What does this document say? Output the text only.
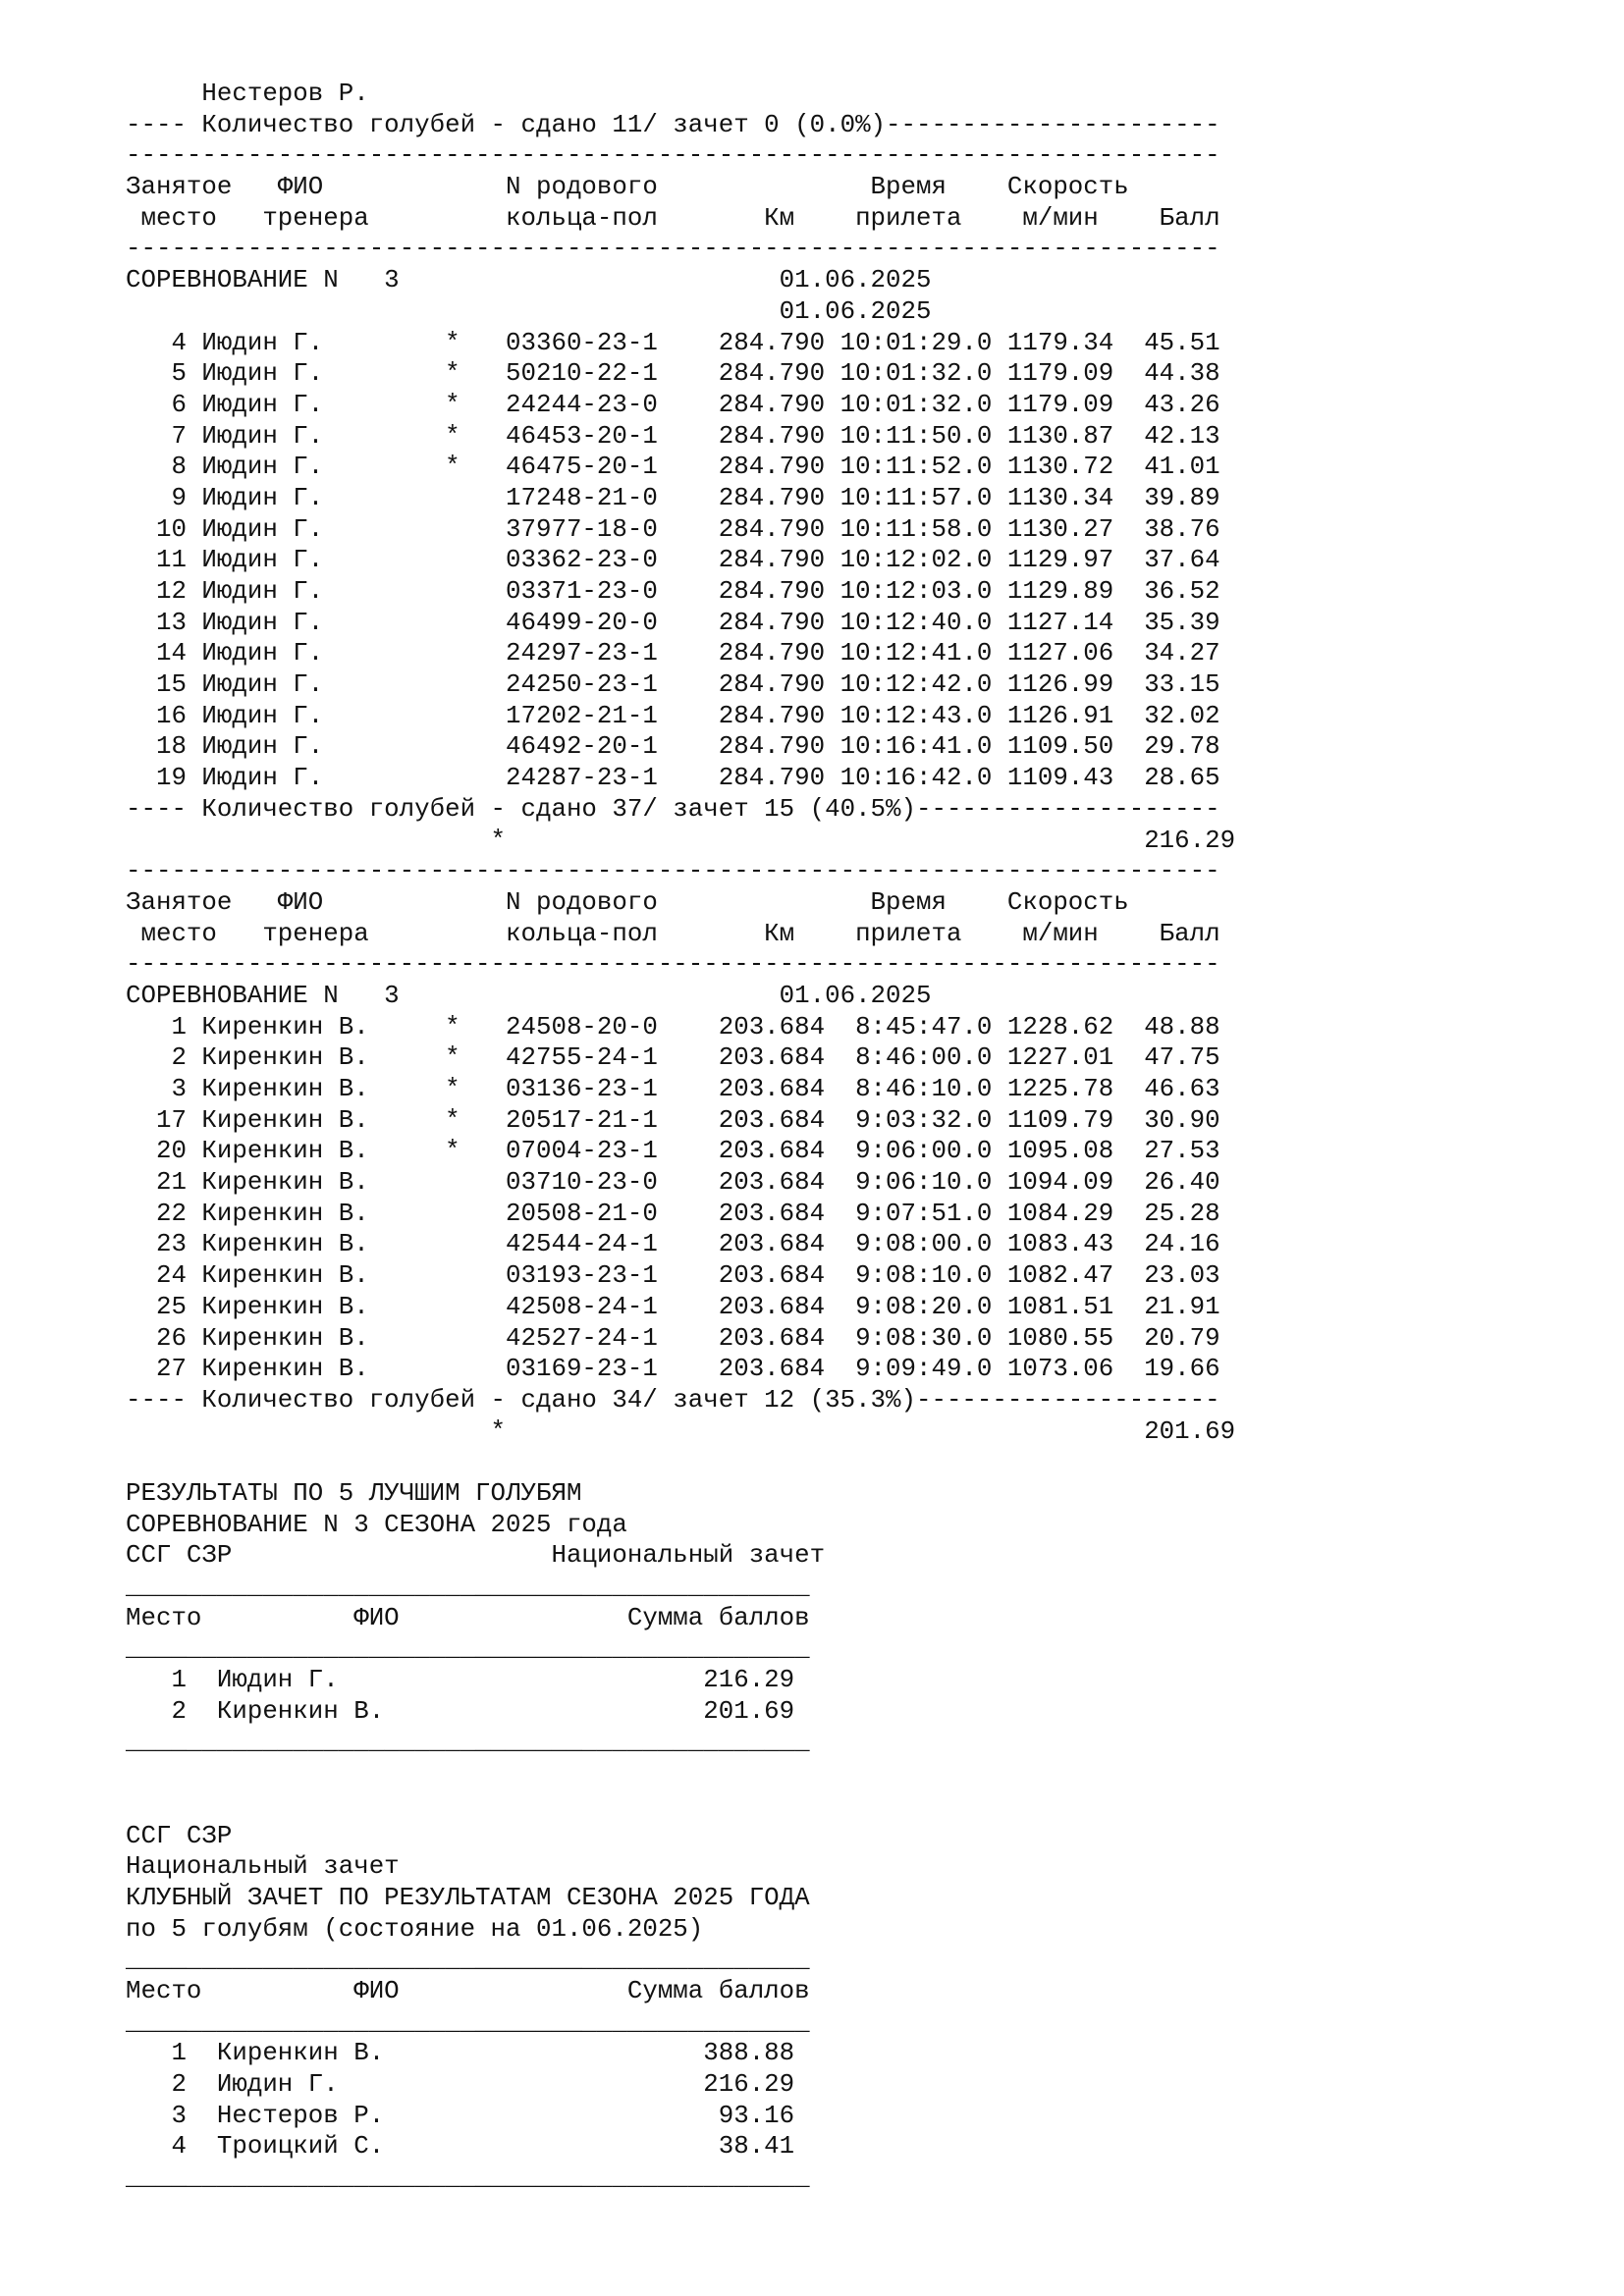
Нестеров Р.
---- Количество голубей - сдано 11/ зачет 0 (0.0%)----------------------
------------------------------------------------------------------------
Занятое   ФИО            N родового              Время    Скорость
место   тренера         кольца-пол       Км    прилета    м/мин    Балл
------------------------------------------------------------------------
СОРЕВНОВАНИЕ N   3                         01.06.2025
01.06.2025
4 Июдин Г.        *   03360-23-1    284.790 10:01:29.0 1179.34  45.51
5 Июдин Г.        *   50210-22-1    284.790 10:01:32.0 1179.09  44.38
6 Июдин Г.        *   24244-23-0    284.790 10:01:32.0 1179.09  43.26
7 Июдин Г.        *   46453-20-1    284.790 10:11:50.0 1130.87  42.13
8 Июдин Г.        *   46475-20-1    284.790 10:11:52.0 1130.72  41.01
9 Июдин Г.            17248-21-0    284.790 10:11:57.0 1130.34  39.89
10 Июдин Г.            37977-18-0    284.790 10:11:58.0 1130.27  38.76
11 Июдин Г.            03362-23-0    284.790 10:12:02.0 1129.97  37.64
12 Июдин Г.            03371-23-0    284.790 10:12:03.0 1129.89  36.52
13 Июдин Г.            46499-20-0    284.790 10:12:40.0 1127.14  35.39
14 Июдин Г.            24297-23-1    284.790 10:12:41.0 1127.06  34.27
15 Июдин Г.            24250-23-1    284.790 10:12:42.0 1126.99  33.15
16 Июдин Г.            17202-21-1    284.790 10:12:43.0 1126.91  32.02
18 Июдин Г.            46492-20-1    284.790 10:16:41.0 1109.50  29.78
19 Июдин Г.            24287-23-1    284.790 10:16:42.0 1109.43  28.65
---- Количество голубей - сдано 37/ зачет 15 (40.5%)--------------------
*                                          216.29
------------------------------------------------------------------------
Занятое   ФИО            N родового              Время    Скорость
место   тренера         кольца-пол       Км    прилета    м/мин    Балл
------------------------------------------------------------------------
СОРЕВНОВАНИЕ N   3                         01.06.2025
1 Киренкин В.     *   24508-20-0    203.684  8:45:47.0 1228.62  48.88
2 Киренкин В.     *   42755-24-1    203.684  8:46:00.0 1227.01  47.75
3 Киренкин В.     *   03136-23-1    203.684  8:46:10.0 1225.78  46.63
17 Киренкин В.     *   20517-21-1    203.684  9:03:32.0 1109.79  30.90
20 Киренкин В.     *   07004-23-1    203.684  9:06:00.0 1095.08  27.53
21 Киренкин В.         03710-23-0    203.684  9:06:10.0 1094.09  26.40
22 Киренкин В.         20508-21-0    203.684  9:07:51.0 1084.29  25.28
23 Киренкин В.         42544-24-1    203.684  9:08:00.0 1083.43  24.16
24 Киренкин В.         03193-23-1    203.684  9:08:10.0 1082.47  23.03
25 Киренкин В.         42508-24-1    203.684  9:08:20.0 1081.51  21.91
26 Киренкин В.         42527-24-1    203.684  9:08:30.0 1080.55  20.79
27 Киренкин В.         03169-23-1    203.684  9:09:49.0 1073.06  19.66
---- Количество голубей - сдано 34/ зачет 12 (35.3%)--------------------
*                                          201.69
РЕЗУЛЬТАТЫ ПО 5 ЛУЧШИМ ГОЛУБЯМ
СОРЕВНОВАНИЕ N 3 СЕЗОНА 2025 года
ССГ СЗР                     Национальный зачет
_____________________________________________
Место          ФИО               Сумма баллов
_____________________________________________
1  Июдин Г.                        216.29
2  Киренкин В.                     201.69
_____________________________________________
ССГ СЗР
Национальный зачет
КЛУБНЫЙ ЗАЧЕТ ПО РЕЗУЛЬТАТАМ СЕЗОНА 2025 ГОДА
по 5 голубям (состояние на 01.06.2025)
_____________________________________________
Место          ФИО               Сумма баллов
_____________________________________________
1  Киренкин В.                     388.88
2  Июдин Г.                        216.29
3  Нестеров Р.                      93.16
4  Троицкий С.                      38.41
_____________________________________________
